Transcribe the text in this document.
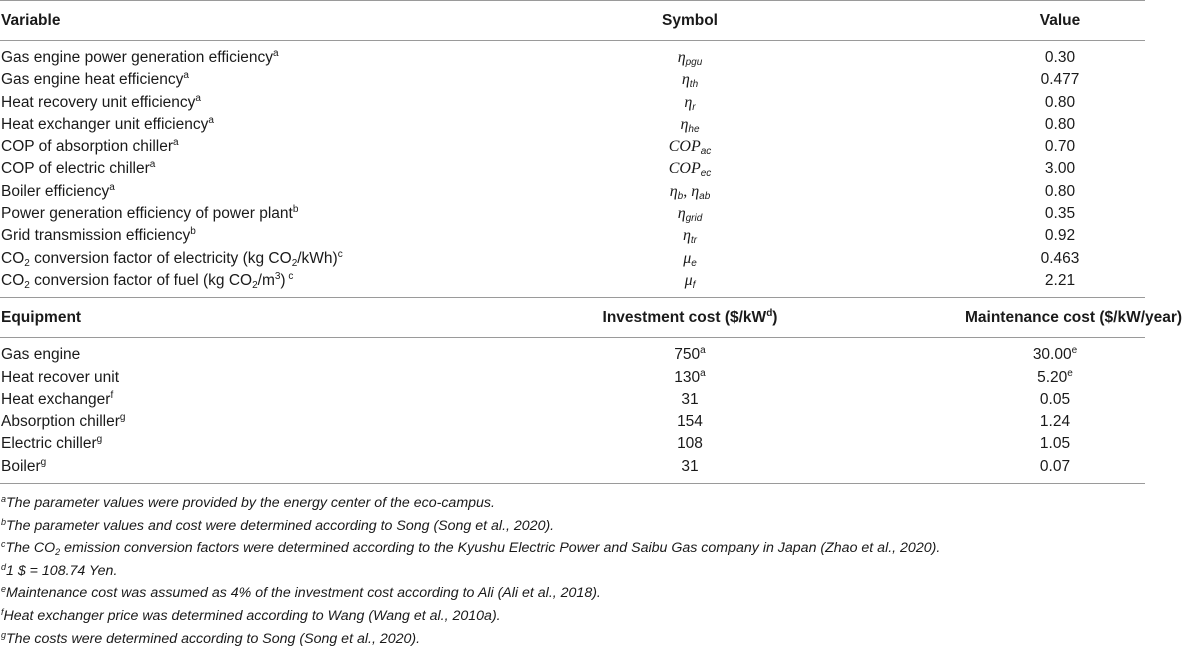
Variable	Symbol	Value
Gas engine power generation efficiency$^a$	$\eta_{pgu}$	0.30
Gas engine heat efficiency$^a$	$\eta_{th}$	0.477
Heat recovery unit efficiency$^a$	$\eta_r$	0.80
Heat exchanger unit efficiency$^a$	$\eta_{he}$	0.80
COP of absorption chiller$^a$	$COP_{ac}$	0.70
COP of electric chiller$^a$	$COP_{ec}$	3.00
Boiler efficiency$^a$	$\eta_b$, $\eta_{ab}$	0.80
Power generation efficiency of power plant$^b$	$\eta_{grid}$	0.35
Grid transmission efficiency$^b$	$\eta_{tr}$	0.92
$CO_2$ conversion factor of electricity (kg $CO_2/kWh)^c$	$\mu_e$	0.463
$CO_2$ conversion factor of fuel (kg $CO_2/m^3$) $^c$	$\mu_f$	2.21
Equipment	Investment cost $(\$/kW^d)$	Maintenance cost ($/kW/year)
Gas engine	750$^a$	30.00e
Heat recover unit	130$^a$	5.20e
Heat exchanger$^f$	31	0.05
Absorption chiller$^g$	154	1.24
Electric chiller$^g$	108	1.05
Boiler$^g$	31	0.07
$^a$The parameter values were provided by the energy center of the eco-campus.
$^b$The parameter values and cost were determined according to Song (Song et al., 2020).
$^c$The $CO_2$ emission conversion factors were determined according to the Kyushu Electric Power and Saibu Gas company in Japan (Zhao et al., 2020).
$^d$1 $ = 108.74 Yen.
$^e$Maintenance cost was assumed as 4% of the investment cost according to Ali (Ali et al., 2018).
$^f$Heat exchanger price was determined according to Wang (Wang et al., 2010a).
$^g$The costs were determined according to Song (Song et al., 2020).
